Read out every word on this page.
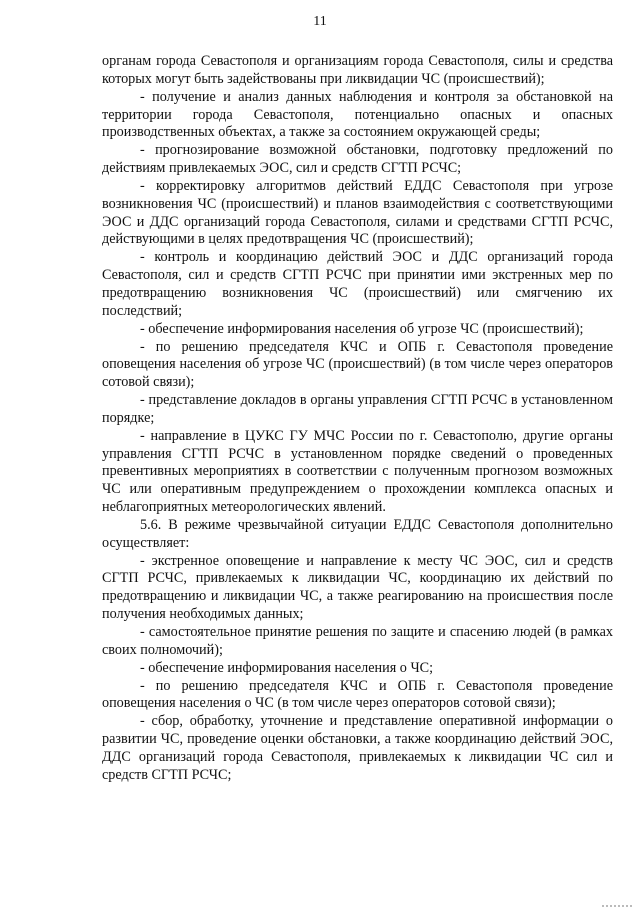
11

органам города Севастополя и организациям города Севастополя, силы и средства которых могут быть задействованы при ликвидации ЧС (происшествий);

- получение и анализ данных наблюдения и контроля за обстановкой на территории города Севастополя, потенциально опасных и опасных производственных объектах, а также за состоянием окружающей среды;

- прогнозирование возможной обстановки, подготовку предложений по действиям привлекаемых ЭОС, сил и средств СГТП РСЧС;

- корректировку алгоритмов действий ЕДДС Севастополя при угрозе возникновения ЧС (происшествий) и планов взаимодействия с соответствующими ЭОС и ДДС организаций города Севастополя, силами и средствами СГТП РСЧС, действующими в целях предотвращения ЧС (происшествий);

- контроль и координацию действий ЭОС и ДДС организаций города Севастополя, сил и средств СГТП РСЧС при принятии ими экстренных мер по предотвращению возникновения ЧС (происшествий) или смягчению их последствий;

- обеспечение информирования населения об угрозе ЧС (происшествий);

- по решению председателя КЧС и ОПБ г. Севастополя проведение оповещения населения об угрозе ЧС (происшествий) (в том числе через операторов сотовой связи);

- представление докладов в органы управления СГТП РСЧС в установленном порядке;

- направление в ЦУКС ГУ МЧС России по г. Севастополю, другие органы управления СГТП РСЧС в установленном порядке сведений о проведенных превентивных мероприятиях в соответствии с полученным прогнозом возможных ЧС или оперативным предупреждением о прохождении комплекса опасных и неблагоприятных метеорологических явлений.

5.6. В режиме чрезвычайной ситуации ЕДДС Севастополя дополнительно осуществляет:

- экстренное оповещение и направление к месту ЧС ЭОС, сил и средств СГТП РСЧС, привлекаемых к ликвидации ЧС, координацию их действий по предотвращению и ликвидации ЧС, а также реагированию на происшествия после получения необходимых данных;

- самостоятельное принятие решения по защите и спасению людей (в рамках своих полномочий);

- обеспечение информирования населения о ЧС;

- по решению председателя КЧС и ОПБ г. Севастополя проведение оповещения населения о ЧС (в том числе через операторов сотовой связи);

- сбор, обработку, уточнение и представление оперативной информации о развитии ЧС, проведение оценки обстановки, а также координацию действий ЭОС, ДДС организаций города Севастополя, привлекаемых к ликвидации ЧС сил и средств СГТП РСЧС;
